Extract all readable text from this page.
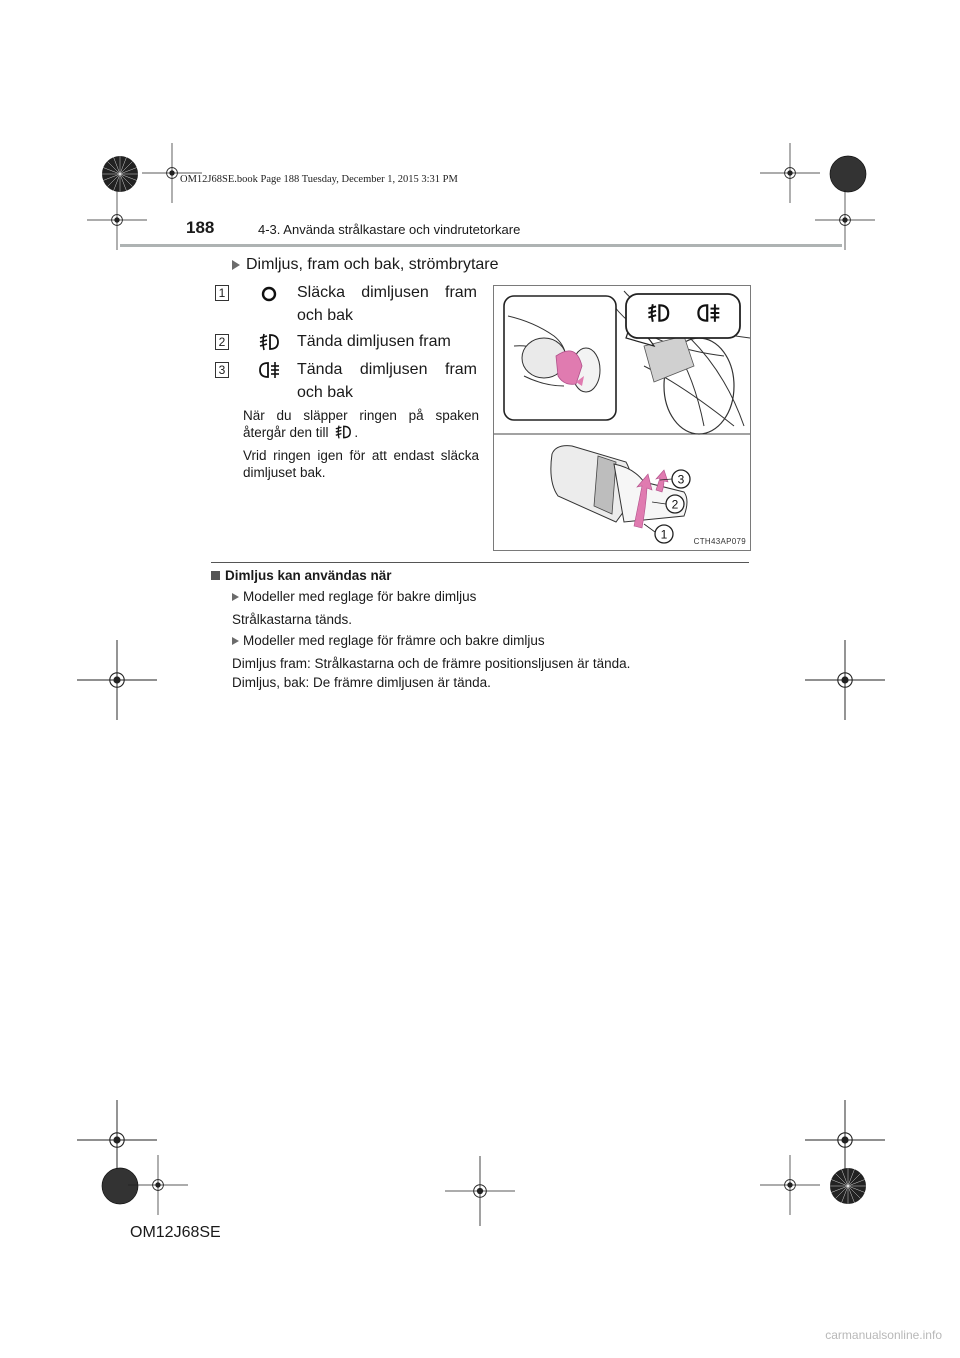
OM12J68SE.book Page 188 Tuesday, December 1, 2015 3:31 PM
188	4-3. Använda strålkastare och vindrutetorkare
Dimljus, fram och bak, strömbrytare
1	Släcka dimljusen fram och bak
2	Tända dimljusen fram
3	Tända dimljusen fram och bak
När du släpper ringen på spaken återgår den till .
Vrid ringen igen för att endast släcka dimljuset bak.	3
2
1	CTH43AP079
Dimljus kan användas när
Modeller med reglage för bakre dimljus
Strålkastarna tänds.
Modeller med reglage för främre och bakre dimljus
Dimljus fram: Strålkastarna och de främre positionsljusen är tända.
Dimljus, bak: De främre dimljusen är tända.
OM12J68SE
carmanualsonline.info
